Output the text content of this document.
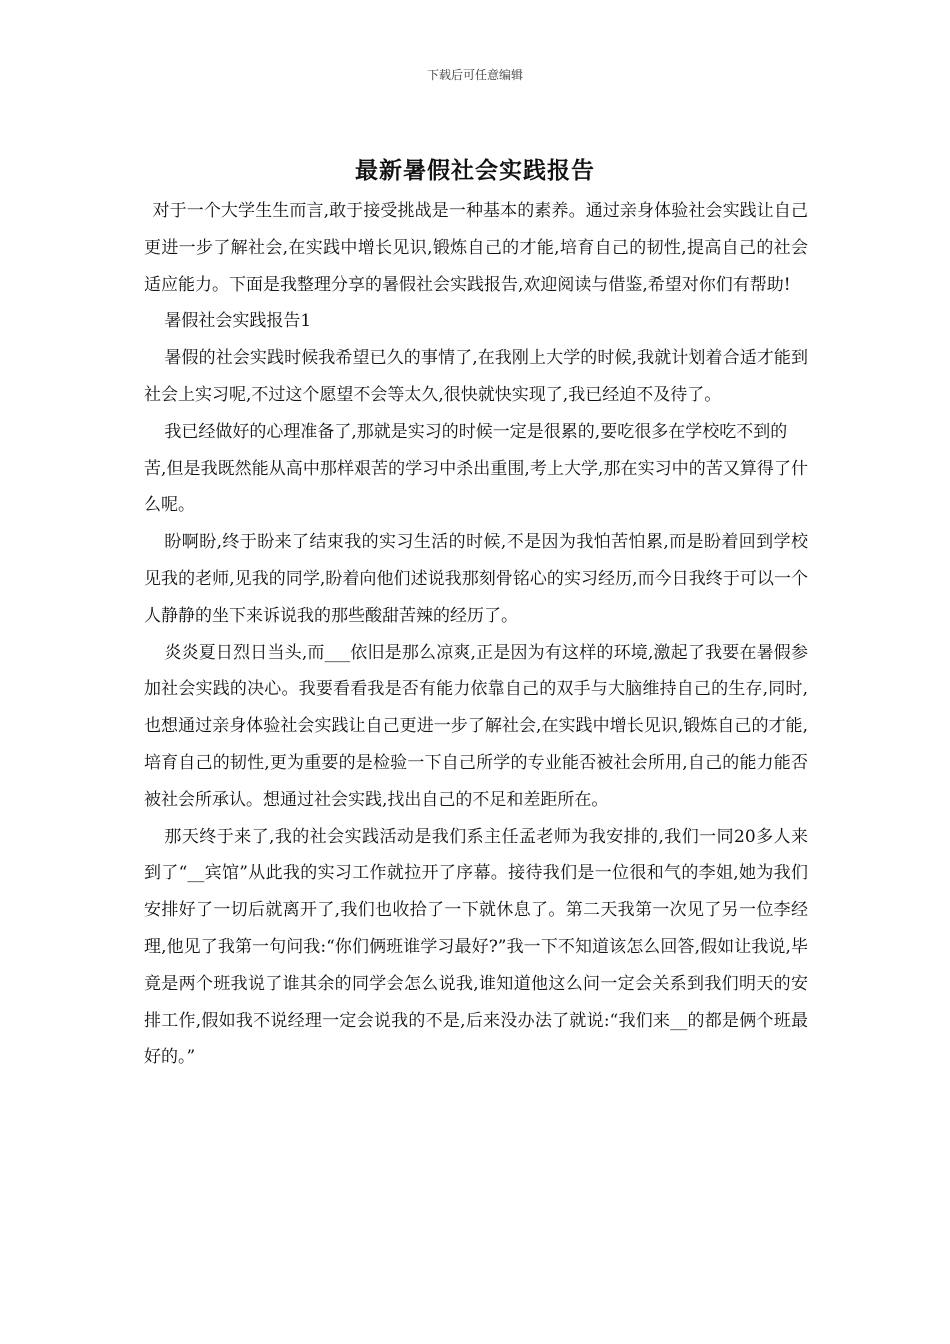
下载后可任意编辑
最新暑假社会实践报告

对于一个大学生生而言,敢于接受挑战是一种基本的素养。通过亲身体验社会实践让自己更进一步了解社会,在实践中增长见识,锻炼自己的才能,培育自己的韧性,提高自己的社会适应能力。下面是我整理分享的暑假社会实践报告,欢迎阅读与借鉴,希望对你们有帮助!

暑假社会实践报告1

暑假的社会实践时候我希望已久的事情了,在我刚上大学的时候,我就计划着合适才能到社会上实习呢,不过这个愿望不会等太久,很快就快实现了,我已经迫不及待了。

我已经做好的心理准备了,那就是实习的时候一定是很累的,要吃很多在学校吃不到的

苦,但是我既然能从高中那样艰苦的学习中杀出重围,考上大学,那在实习中的苦又算得了什么呢。

盼啊盼,终于盼来了结束我的实习生活的时候,不是因为我怕苦怕累,而是盼着回到学校见我的老师,见我的同学,盼着向他们述说我那刻骨铭心的实习经历,而今日我终于可以一个人静静的坐下来诉说我的那些酸甜苦辣的经历了。

炎炎夏日烈日当头,而___依旧是那么凉爽,正是因为有这样的环境,激起了我要在暑假参加社会实践的决心。我要看看我是否有能力依靠自己的双手与大脑维持自己的生存,同时,也想通过亲身体验社会实践让自己更进一步了解社会,在实践中增长见识,锻炼自己的才能,培育自己的韧性,更为重要的是检验一下自己所学的专业能否被社会所用,自己的能力能否被社会所承认。想通过社会实践,找出自己的不足和差距所在。

那天终于来了,我的社会实践活动是我们系主任孟老师为我安排的,我们一同20多人来到了“__宾馆”从此我的实习工作就拉开了序幕。接待我们是一位很和气的李姐,她为我们安排好了一切后就离开了,我们也收拾了一下就休息了。第二天我第一次见了另一位李经理,他见了我第一句问我:“你们俩班谁学习最好?”我一下不知道该怎么回答,假如让我说,毕竟是两个班我说了谁其余的同学会怎么说我,谁知道他这么问一定会关系到我们明天的安排工作,假如我不说经理一定会说我的不是,后来没办法了就说:“我们来__的都是俩个班最好的。”
